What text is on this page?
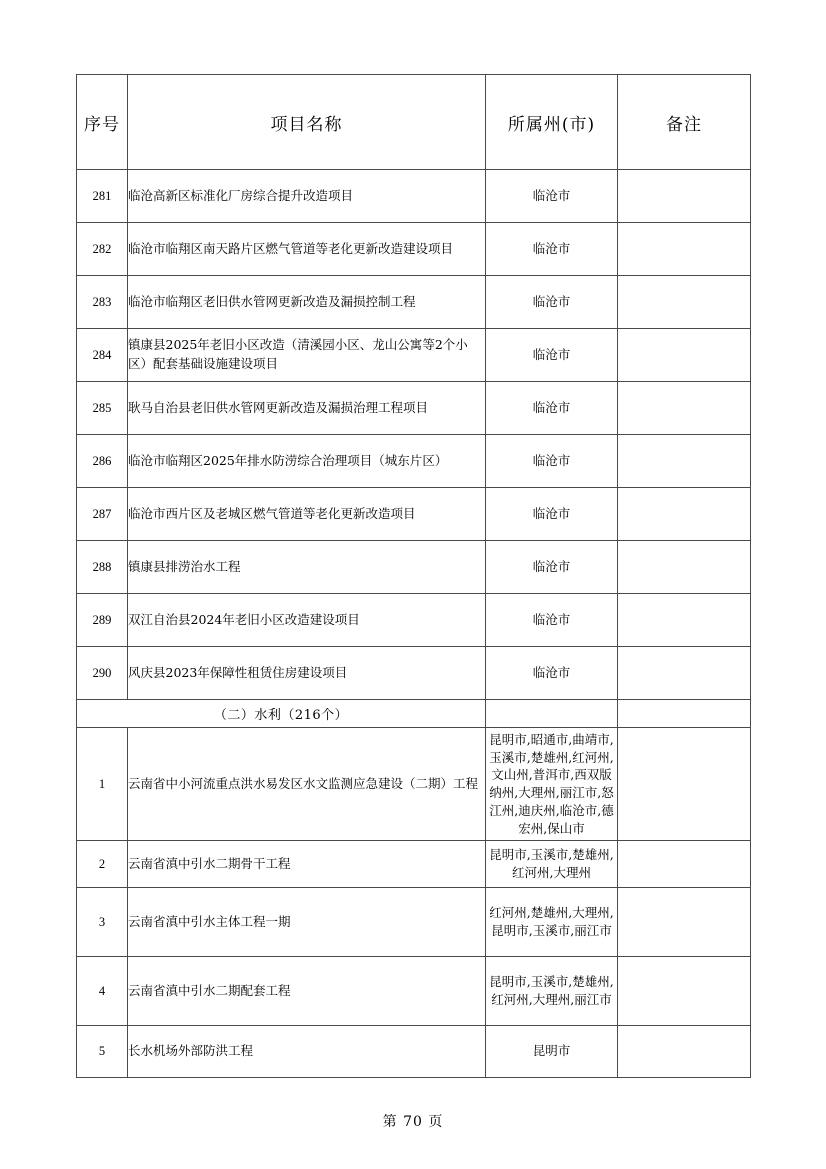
序号	项目名称	所属州(市)	备注
281	临沧高新区标准化厂房综合提升改造项目	临沧市	
282	临沧市临翔区南天路片区燃气管道等老化更新改造建设项目	临沧市	
283	临沧市临翔区老旧供水管网更新改造及漏损控制工程	临沧市	
284	镇康县2025年老旧小区改造（清溪园小区、龙山公寓等2个小区）配套基础设施建设项目	临沧市	
285	耿马自治县老旧供水管网更新改造及漏损治理工程项目	临沧市	
286	临沧市临翔区2025年排水防涝综合治理项目（城东片区）	临沧市	
287	临沧市西片区及老城区燃气管道等老化更新改造项目	临沧市	
288	镇康县排涝治水工程	临沧市	
289	双江自治县2024年老旧小区改造建设项目	临沧市	
290	风庆县2023年保障性租赁住房建设项目	临沧市	
（二）水利（216个）			
1	云南省中小河流重点洪水易发区水文监测应急建设（二期）工程	昆明市,昭通市,曲靖市,玉溪市,楚雄州,红河州,文山州,普洱市,西双版纳州,大理州,丽江市,怒江州,迪庆州,临沧市,德宏州,保山市	

2	云南省滇中引水二期骨干工程	昆明市,玉溪市,楚雄州,红河州,大理州	
3	云南省滇中引水主体工程一期	红河州,楚雄州,大理州,昆明市,玉溪市,丽江市	
4	云南省滇中引水二期配套工程	昆明市,玉溪市,楚雄州,红河州,大理州,丽江市	
5	长水机场外部防洪工程	昆明市	
第 70 页
